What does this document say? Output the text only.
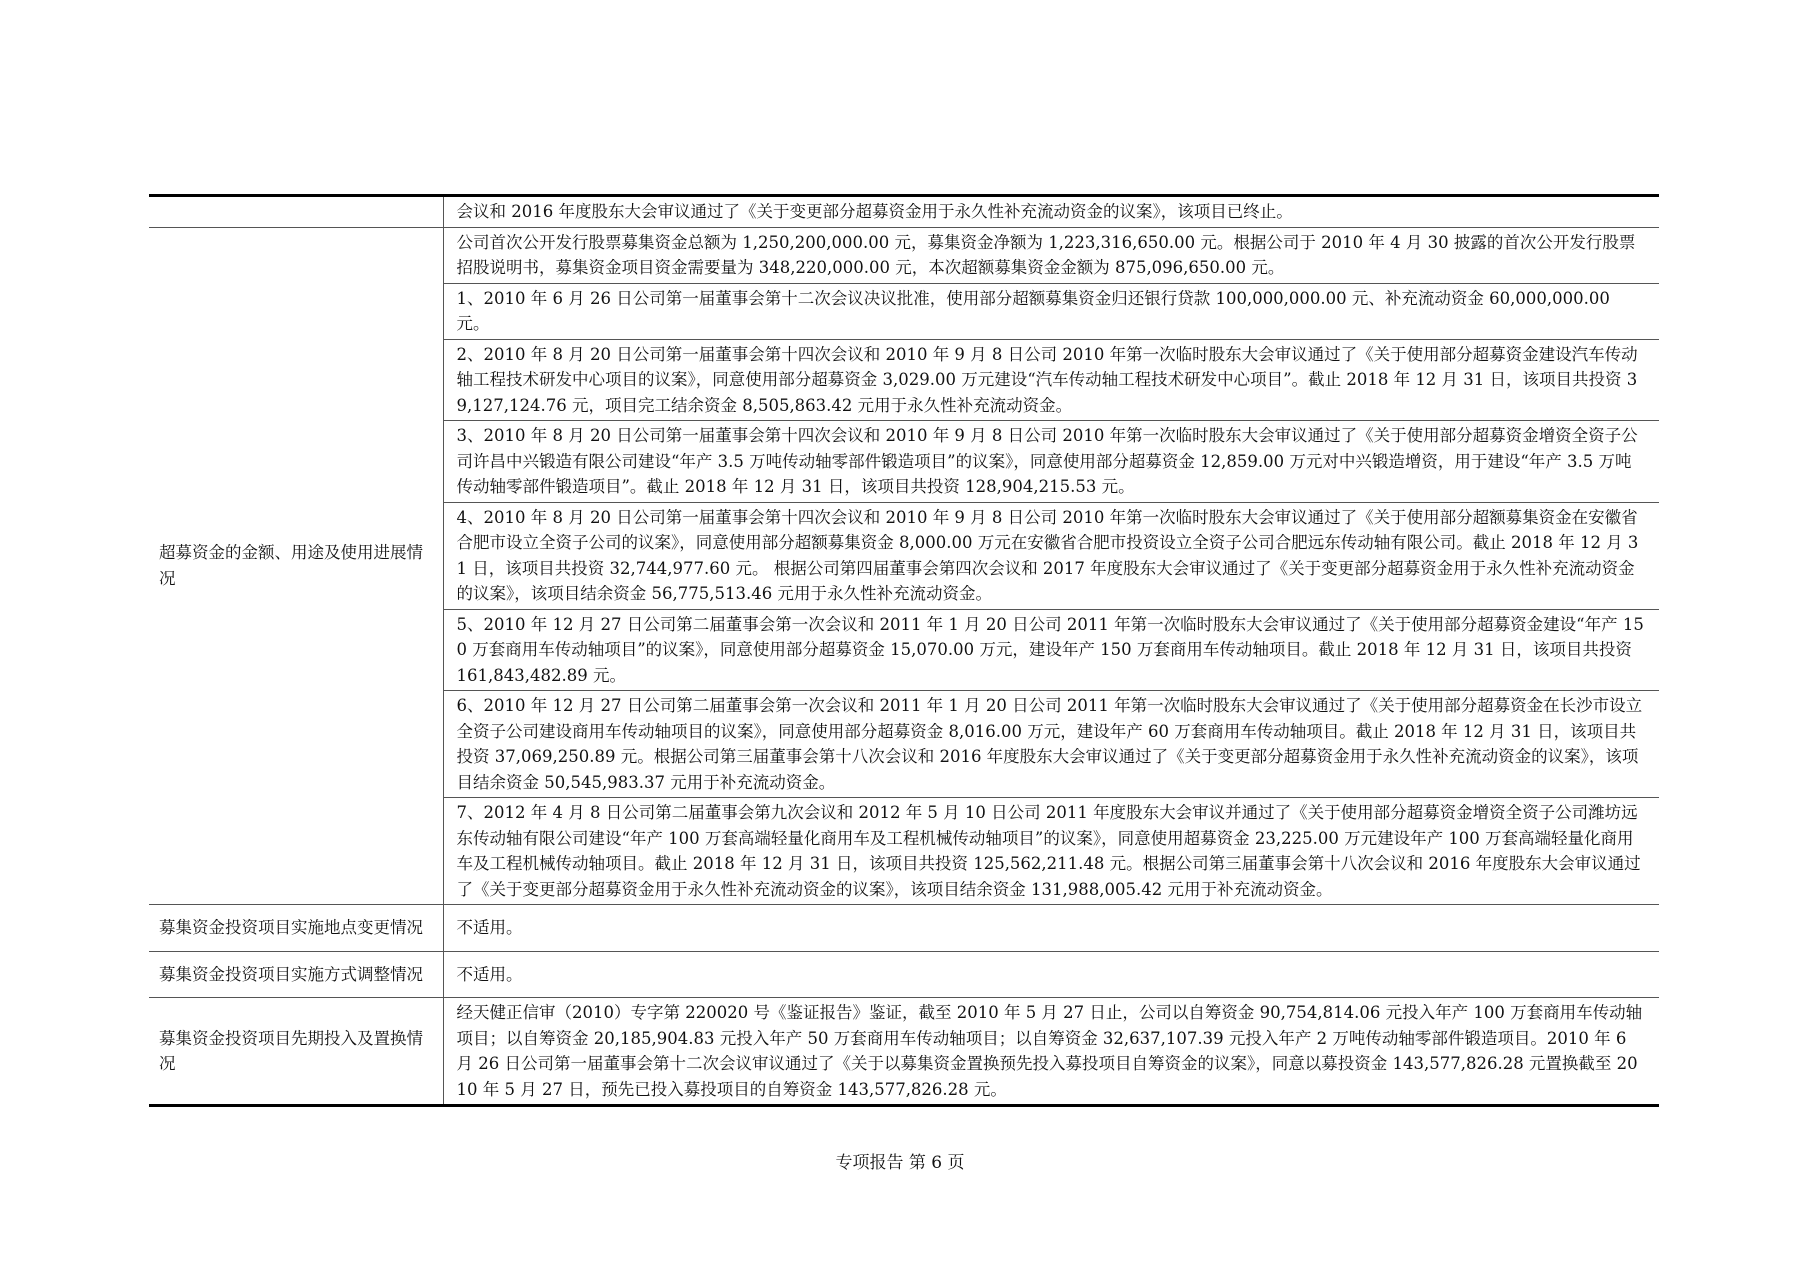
	会议和 2016 年度股东大会审议通过了《关于变更部分超募资金用于永久性补充流动资金的议案》，该项目已终止。
超募资金的金额、用途及使用进展情况	公司首次公开发行股票募集资金总额为 1,250,200,000.00 元，募集资金净额为 1,223,316,650.00 元。根据公司于 2010 年 4 月 30 披露的首次公开发行股票招股说明书，募集资金项目资金需要量为 348,220,000.00 元，本次超额募集资金金额为 875,096,650.00 元。
	1、2010 年 6 月 26 日公司第一届董事会第十二次会议决议批准，使用部分超额募集资金归还银行贷款 100,000,000.00 元、补充流动资金 60,000,000.00 元。
	2、2010 年 8 月 20 日公司第一届董事会第十四次会议和 2010 年 9 月 8 日公司 2010 年第一次临时股东大会审议通过了《关于使用部分超募资金建设汽车传动轴工程技术研发中心项目的议案》，同意使用部分超募资金 3,029.00 万元建设“汽车传动轴工程技术研发中心项目”。截止 2018 年 12 月 31 日，该项目共投资 39,127,124.76 元，项目完工结余资金 8,505,863.42 元用于永久性补充流动资金。
	3、2010 年 8 月 20 日公司第一届董事会第十四次会议和 2010 年 9 月 8 日公司 2010 年第一次临时股东大会审议通过了《关于使用部分超募资金增资全资子公司许昌中兴锻造有限公司建设“年产 3.5 万吨传动轴零部件锻造项目”的议案》，同意使用部分超募资金 12,859.00 万元对中兴锻造增资，用于建设“年产 3.5 万吨传动轴零部件锻造项目”。截止 2018 年 12 月 31 日，该项目共投资 128,904,215.53 元。
	4、2010 年 8 月 20 日公司第一届董事会第十四次会议和 2010 年 9 月 8 日公司 2010 年第一次临时股东大会审议通过了《关于使用部分超额募集资金在安徽省合肥市设立全资子公司的议案》，同意使用部分超额募集资金 8,000.00 万元在安徽省合肥市投资设立全资子公司合肥远东传动轴有限公司。截止 2018 年 12 月 31 日，该项目共投资 32,744,977.60 元。 根据公司第四届董事会第四次会议和 2017 年度股东大会审议通过了《关于变更部分超募资金用于永久性补充流动资金的议案》，该项目结余资金 56,775,513.46 元用于永久性补充流动资金。
	5、2010 年 12 月 27 日公司第二届董事会第一次会议和 2011 年 1 月 20 日公司 2011 年第一次临时股东大会审议通过了《关于使用部分超募资金建设“年产 150 万套商用车传动轴项目”的议案》，同意使用部分超募资金 15,070.00 万元，建设年产 150 万套商用车传动轴项目。截止 2018 年 12 月 31 日，该项目共投资 161,843,482.89 元。
	6、2010 年 12 月 27 日公司第二届董事会第一次会议和 2011 年 1 月 20 日公司 2011 年第一次临时股东大会审议通过了《关于使用部分超募资金在长沙市设立全资子公司建设商用车传动轴项目的议案》，同意使用部分超募资金 8,016.00 万元，建设年产 60 万套商用车传动轴项目。截止 2018 年 12 月 31 日，该项目共投资 37,069,250.89 元。根据公司第三届董事会第十八次会议和 2016 年度股东大会审议通过了《关于变更部分超募资金用于永久性补充流动资金的议案》，该项目结余资金 50,545,983.37 元用于补充流动资金。
	7、2012 年 4 月 8 日公司第二届董事会第九次会议和 2012 年 5 月 10 日公司 2011 年度股东大会审议并通过了《关于使用部分超募资金增资全资子公司潍坊远东传动轴有限公司建设“年产 100 万套高端轻量化商用车及工程机械传动轴项目”的议案》，同意使用超募资金 23,225.00 万元建设年产 100 万套高端轻量化商用车及工程机械传动轴项目。截止 2018 年 12 月 31 日，该项目共投资 125,562,211.48 元。根据公司第三届董事会第十八次会议和 2016 年度股东大会审议通过了《关于变更部分超募资金用于永久性补充流动资金的议案》，该项目结余资金 131,988,005.42 元用于补充流动资金。
募集资金投资项目实施地点变更情况	不适用。
募集资金投资项目实施方式调整情况	不适用。
募集资金投资项目先期投入及置换情况	经天健正信审（2010）专字第 220020 号《鉴证报告》鉴证，截至 2010 年 5 月 27 日止，公司以自筹资金 90,754,814.06 元投入年产 100 万套商用车传动轴项目；以自筹资金 20,185,904.83 元投入年产 50 万套商用车传动轴项目；以自筹资金 32,637,107.39 元投入年产 2 万吨传动轴零部件锻造项目。2010 年 6 月 26 日公司第一届董事会第十二次会议审议通过了《关于以募集资金置换预先投入募投项目自筹资金的议案》，同意以募投资金 143,577,826.28 元置换截至 2010 年 5 月 27 日，预先已投入募投项目的自筹资金 143,577,826.28 元。
专项报告 第 6 页
